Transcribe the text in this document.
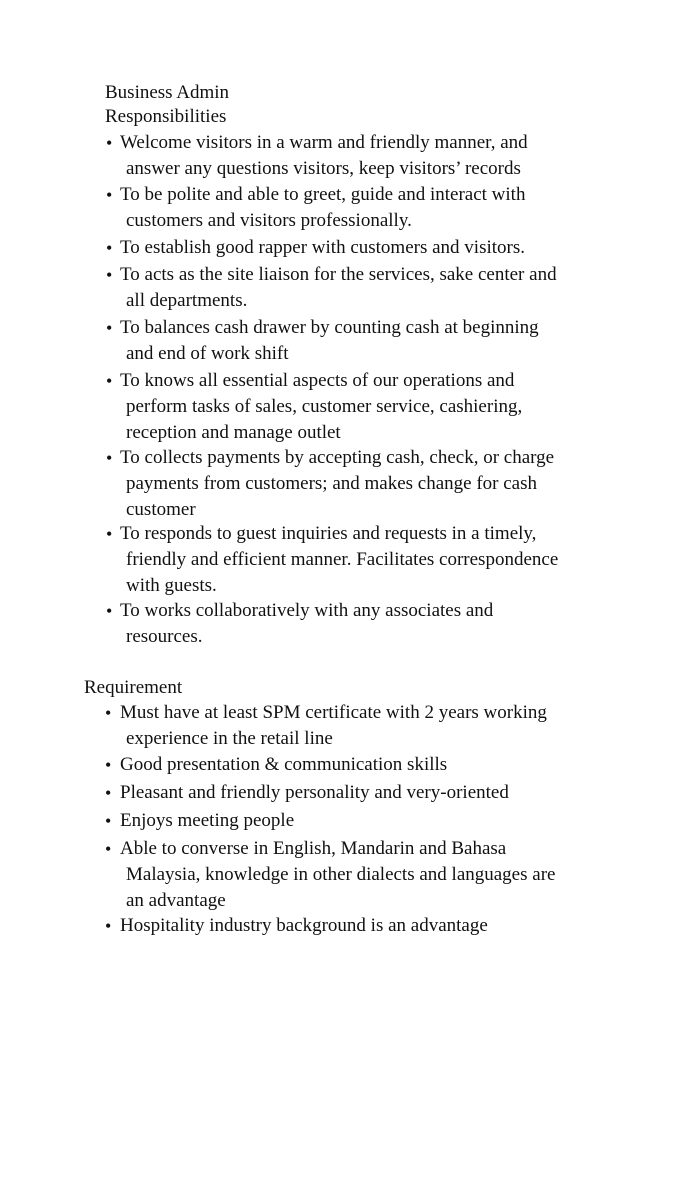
Business Admin
Responsibilities
• Welcome visitors in a warm and friendly manner, and
answer any questions visitors, keep visitors’ records
• To be polite and able to greet, guide and interact with
customers and visitors professionally.
• To establish good rapper with customers and visitors.
• To acts as the site liaison for the services, sake center and
all departments.
• To balances cash drawer by counting cash at beginning
and end of work shift
• To knows all essential aspects of our operations and
perform tasks of sales, customer service, cashiering,
reception and manage outlet
• To collects payments by accepting cash, check, or charge
payments from customers; and makes change for cash
customer
• To responds to guest inquiries and requests in a timely,
friendly and efficient manner. Facilitates correspondence
with guests.
• To works collaboratively with any associates and
resources.
Requirement
• Must have at least SPM certificate with 2 years working
experience in the retail line
• Good presentation & communication skills
• Pleasant and friendly personality and very-oriented
• Enjoys meeting people
• Able to converse in English, Mandarin and Bahasa
Malaysia, knowledge in other dialects and languages are
an advantage
• Hospitality industry background is an advantage
